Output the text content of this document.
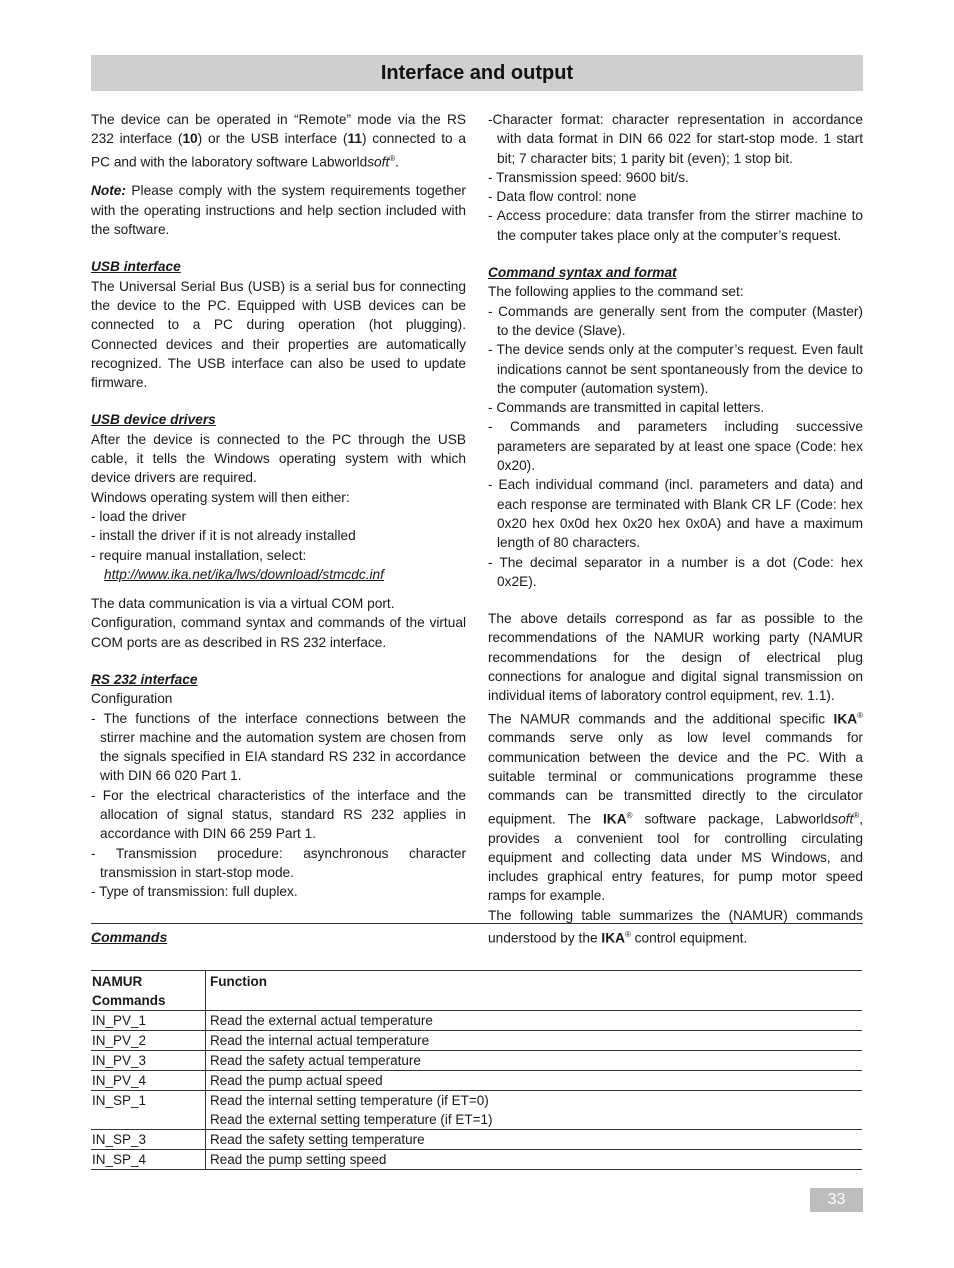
Interface and output

The device can be operated in “Remote” mode via the RS 232 interface (10) or the USB interface (11) connected to a PC and with the laboratory software Labworldsoft®.

Note: Please comply with the system requirements together with the operating instructions and help section included with the software.

USB interface

The Universal Serial Bus (USB) is a serial bus for connecting the device to the PC. Equipped with USB devices can be connected to a PC during operation (hot plugging). Connected devices and their properties are automatically recognized. The USB interface can also be used to update firmware.

USB device drivers

After the device is connected to the PC through the USB cable, it tells the Windows operating system with which device drivers are required.

Windows operating system will then either:

- load the driver
- install the driver if it is not already installed
- require manual installation, select:
http://www.ika.net/ika/lws/download/stmcdc.inf

The data communication is via a virtual COM port.

Configuration, command syntax and commands of the virtual COM ports are as described in RS 232 interface.

RS 232 interface

Configuration

- The functions of the interface connections between the stirrer machine and the automation system are chosen from the signals specified in EIA standard RS 232 in accordance with DIN 66 020 Part 1.
- For the electrical characteristics of the interface and the allocation of signal status, standard RS 232 applies in accordance with DIN 66 259 Part 1.
- Transmission procedure: asynchronous character transmission in start-stop mode.
- Type of transmission: full duplex.
-Character format: character representation in accordance with data format in DIN 66 022 for start-stop mode. 1 start bit; 7 character bits; 1 parity bit (even); 1 stop bit.
- Transmission speed: 9600 bit/s.
- Data flow control: none
- Access procedure: data transfer from the stirrer machine to the computer takes place only at the computer’s request.

Command syntax and format

The following applies to the command set:

- Commands are generally sent from the computer (Master) to the device (Slave).
- The device sends only at the computer’s request. Even fault indications cannot be sent spontaneously from the device to the computer (automation system).
- Commands are transmitted in capital letters.
- Commands and parameters including successive parameters are separated by at least one space (Code: hex 0x20).
- Each individual command (incl. parameters and data) and each response are terminated with Blank CR LF (Code: hex 0x20 hex 0x0d hex 0x20 hex 0x0A) and have a maximum length of 80 characters.
- The decimal separator in a number is a dot (Code: hex 0x2E).

The above details correspond as far as possible to the recommendations of the NAMUR working party (NAMUR recommendations for the design of electrical plug connections for analogue and digital signal transmission on individual items of laboratory control equipment, rev. 1.1).

The NAMUR commands and the additional specific IKA® commands serve only as low level commands for communication between the device and the PC. With a suitable terminal or communications programme these commands can be transmitted directly to the circulator equipment. The IKA® software package, Labworldsoft®, provides a convenient tool for controlling circulating equipment and collecting data under MS Windows, and includes graphical entry features, for pump motor speed ramps for example.

The following table summarizes the (NAMUR) commands understood by the IKA® control equipment.

Commands
NAMUR
Commands	Function
IN_PV_1	Read the external actual temperature
IN_PV_2	Read the internal actual temperature
IN_PV_3	Read the safety actual temperature
IN_PV_4	Read the pump actual speed
IN_SP_1	Read the internal setting temperature (if ET=0)
Read the external setting temperature (if ET=1)
IN_SP_3	Read the safety setting temperature
IN_SP_4	Read the pump setting speed
33
